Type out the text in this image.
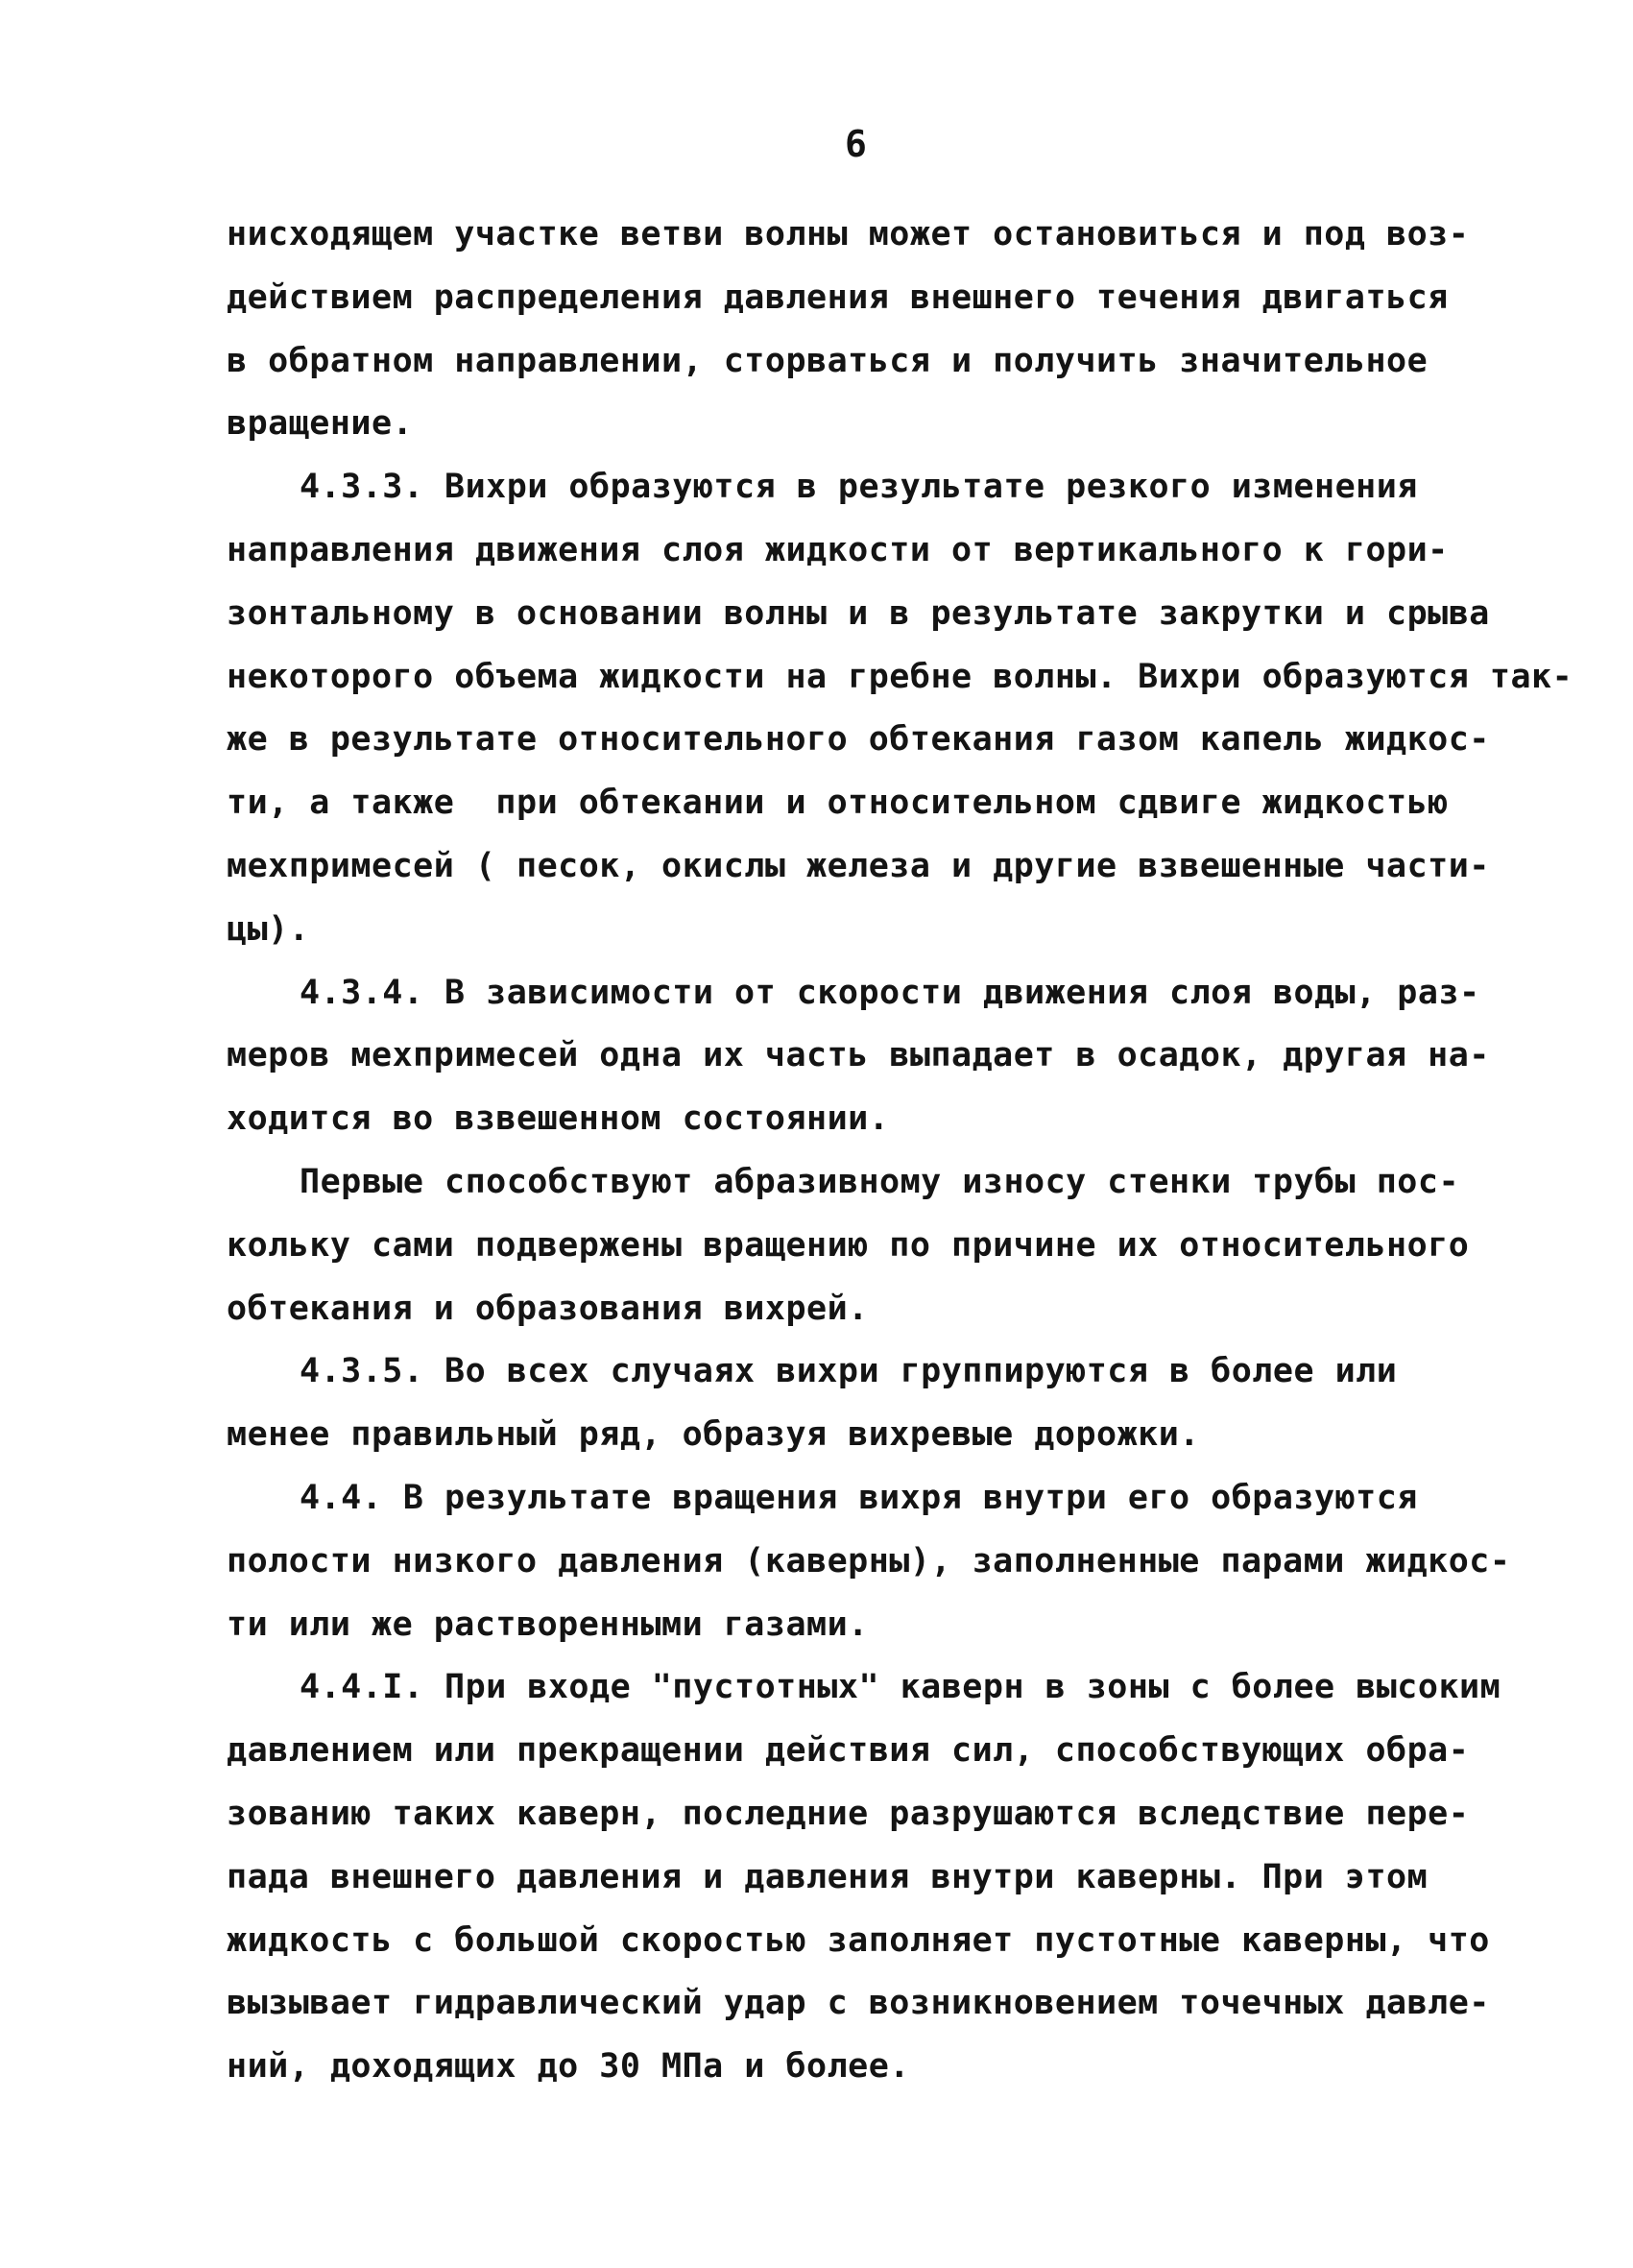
6
нисходящем участке ветви волны может остановиться и под воз-
действием распределения давления внешнего течения двигаться
в обратном направлении, сторваться и получить значительное
вращение.
4.3.3. Вихри образуются в результате резкого изменения
направления движения слоя жидкости от вертикального к гори-
зонтальному в основании волны и в результате закрутки и срыва
некоторого объема жидкости на гребне волны. Вихри образуются так-
же в результате относительного обтекания газом капель жидкос-
ти, а также  при обтекании и относительном сдвиге жидкостью
мехпримесей ( песок, окислы железа и другие взвешенные части-
цы).
4.3.4. В зависимости от скорости движения слоя воды, раз-
меров мехпримесей одна их часть выпадает в осадок, другая на-
ходится во взвешенном состоянии.
Первые способствуют абразивному износу стенки трубы пос-
кольку сами подвержены вращению по причине их относительного
обтекания и образования вихрей.
4.3.5. Во всех случаях вихри группируются в более или
менее правильный ряд, образуя вихревые дорожки.
4.4. В результате вращения вихря внутри его образуются
полости низкого давления (каверны), заполненные парами жидкос-
ти или же растворенными газами.
4.4.I. При входе "пустотных" каверн в зоны с более высоким
давлением или прекращении действия сил, способствующих обра-
зованию таких каверн, последние разрушаются вследствие пере-
пада внешнего давления и давления внутри каверны. При этом
жидкость с большой скоростью заполняет пустотные каверны, что
вызывает гидравлический удар с возникновением точечных давле-
ний, доходящих до 30 МПа и более.
